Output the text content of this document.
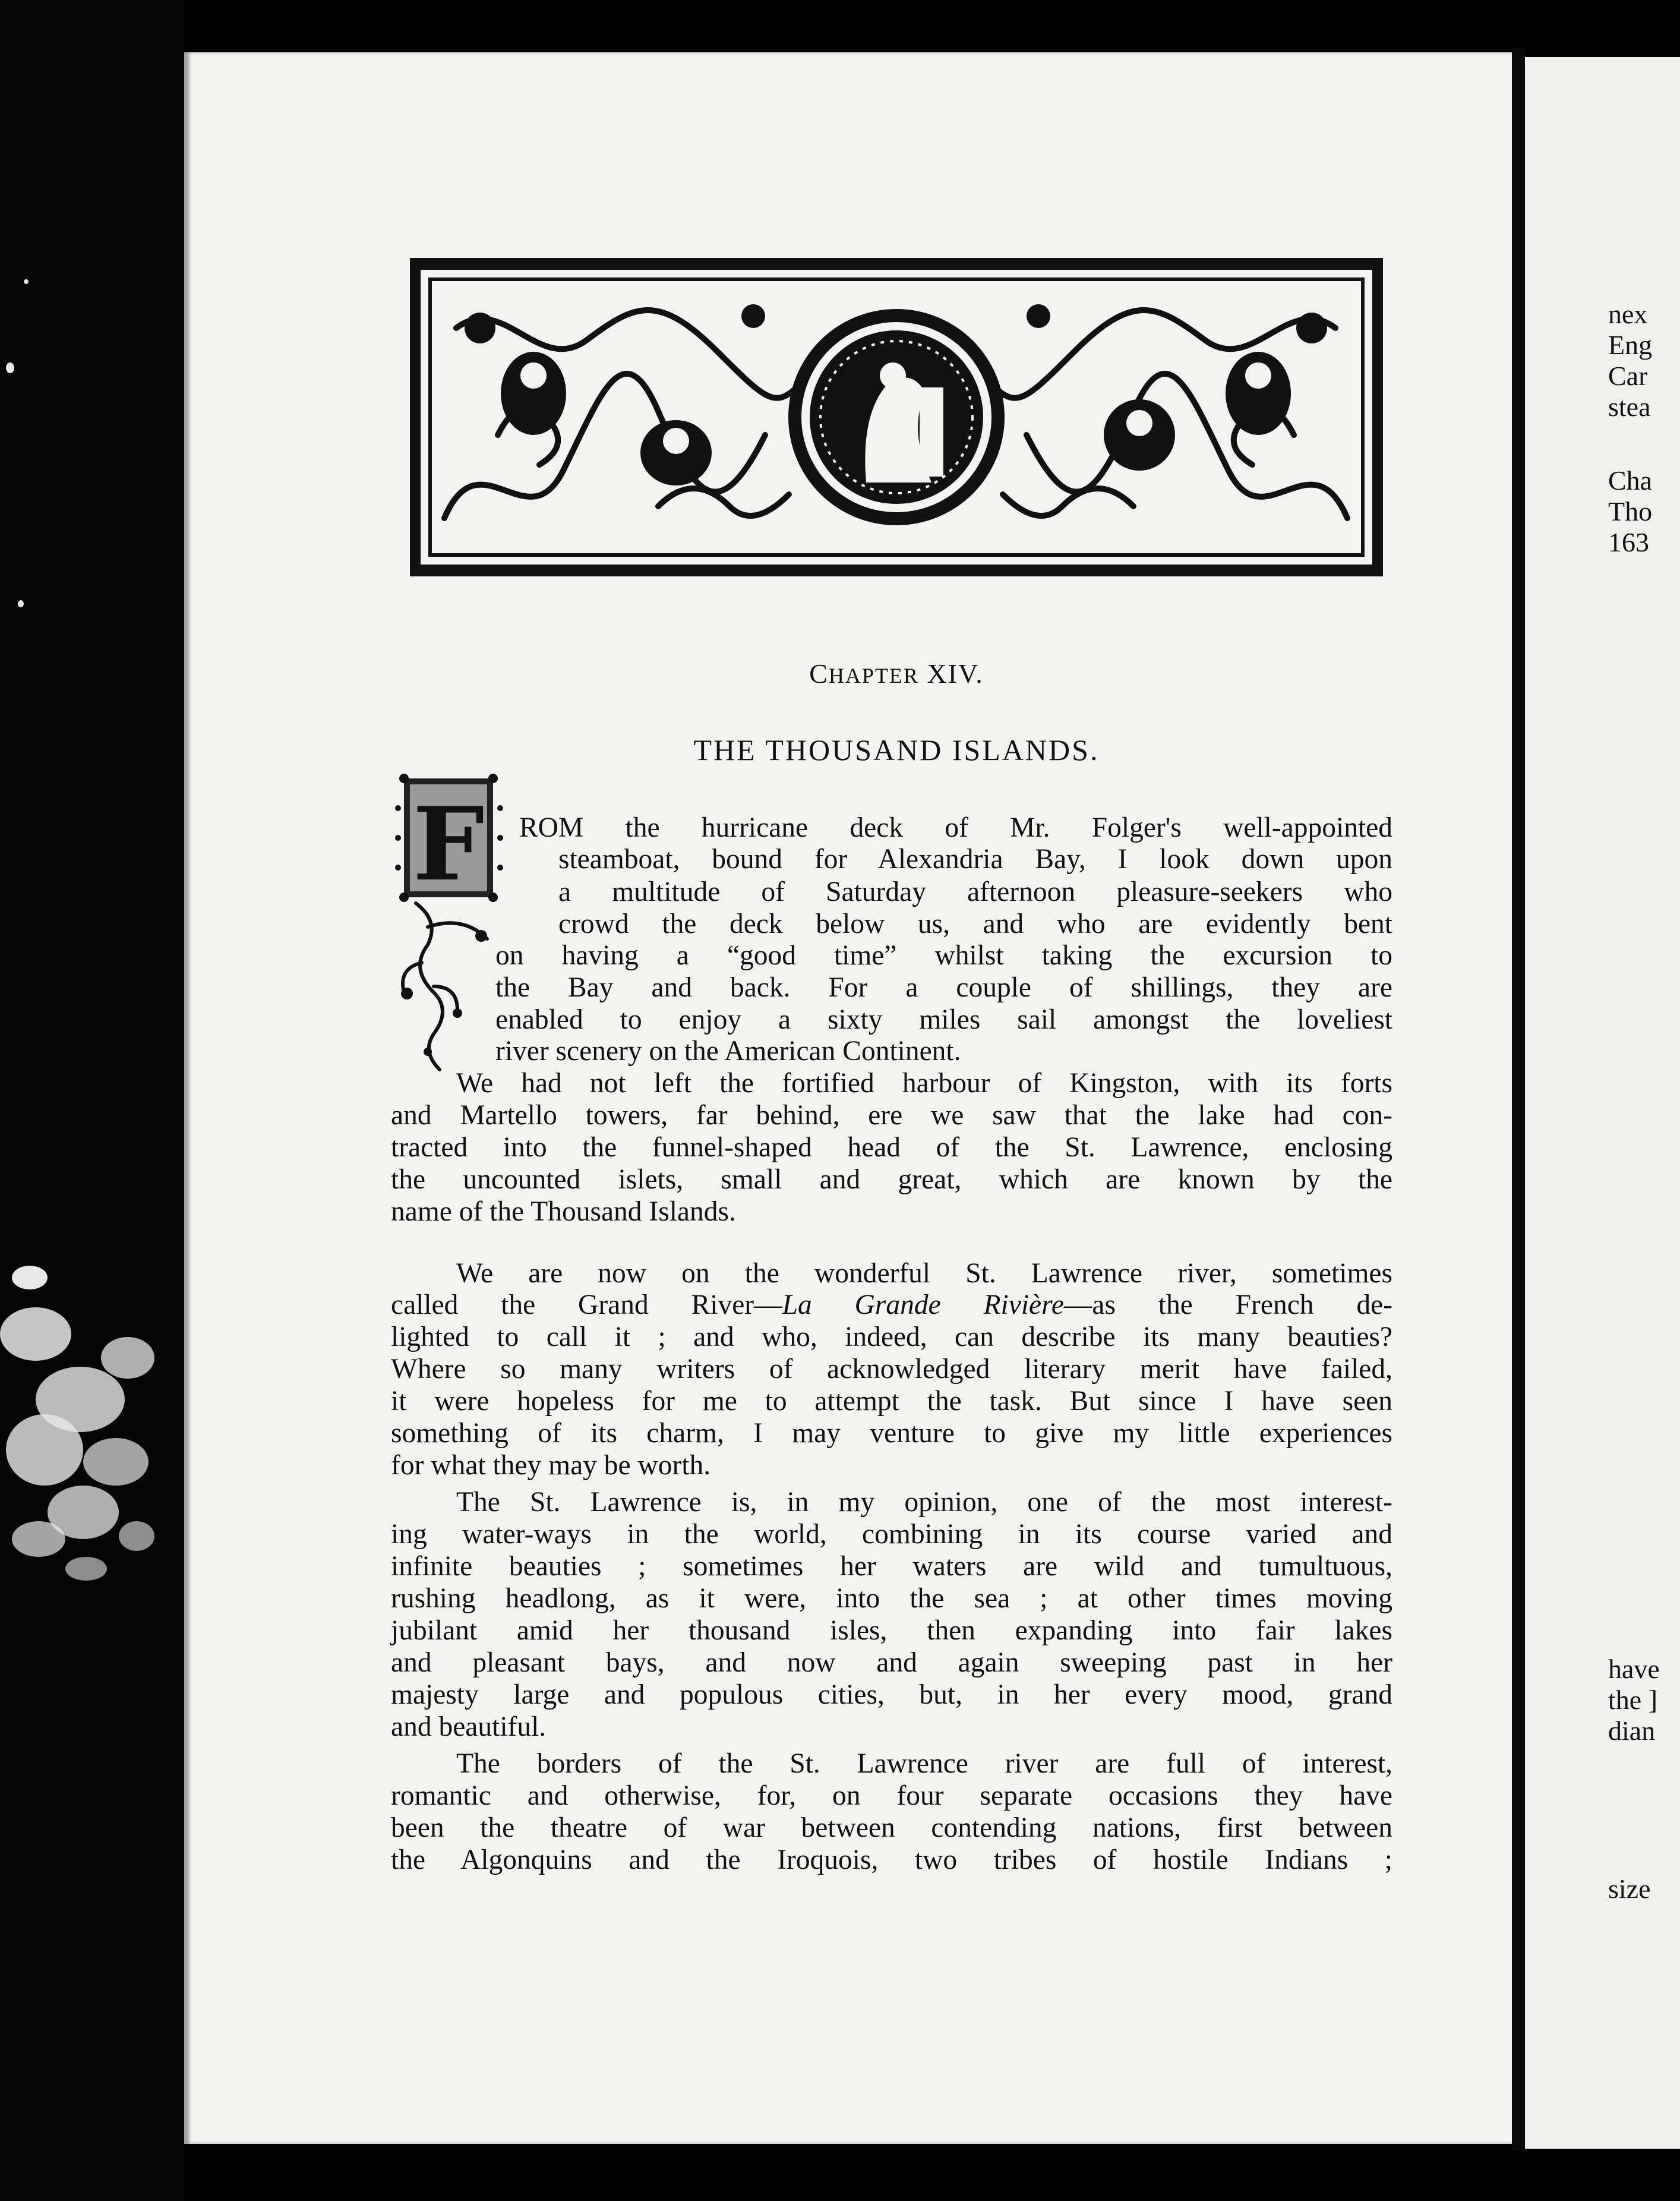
nex
Eng
Car
stea
Cha
Tho
163
have
the ]
dian
size
CHAPTER XIV.
THE THOUSAND ISLANDS.
F ROM the hurricane deck of Mr. Folger's well-appointed
steamboat, bound for Alexandria Bay, I look down upon
a multitude of Saturday afternoon pleasure-seekers who
crowd the deck below us, and who are evidently bent
on having a “good time” whilst taking the excursion to
the Bay and back. For a couple of shillings, they are
enabled to enjoy a sixty miles sail amongst the loveliest
river scenery on the American Continent.
We had not left the fortified harbour of Kingston, with its forts
and Martello towers, far behind, ere we saw that the lake had con-
tracted into the funnel-shaped head of the St. Lawrence, enclosing
the uncounted islets, small and great, which are known by the
name of the Thousand Islands.
We are now on the wonderful St. Lawrence river, sometimes
called the Grand River—La Grande Rivière—as the French de-
lighted to call it ; and who, indeed, can describe its many beauties?
Where so many writers of acknowledged literary merit have failed,
it were hopeless for me to attempt the task. But since I have seen
something of its charm, I may venture to give my little experiences
for what they may be worth.
The St. Lawrence is, in my opinion, one of the most interest-
ing water-ways in the world, combining in its course varied and
infinite beauties ; sometimes her waters are wild and tumultuous,
rushing headlong, as it were, into the sea ; at other times moving
jubilant amid her thousand isles, then expanding into fair lakes
and pleasant bays, and now and again sweeping past in her
majesty large and populous cities, but, in her every mood, grand
and beautiful.
The borders of the St. Lawrence river are full of interest,
romantic and otherwise, for, on four separate occasions they have
been the theatre of war between contending nations, first between
the Algonquins and the Iroquois, two tribes of hostile Indians ;
